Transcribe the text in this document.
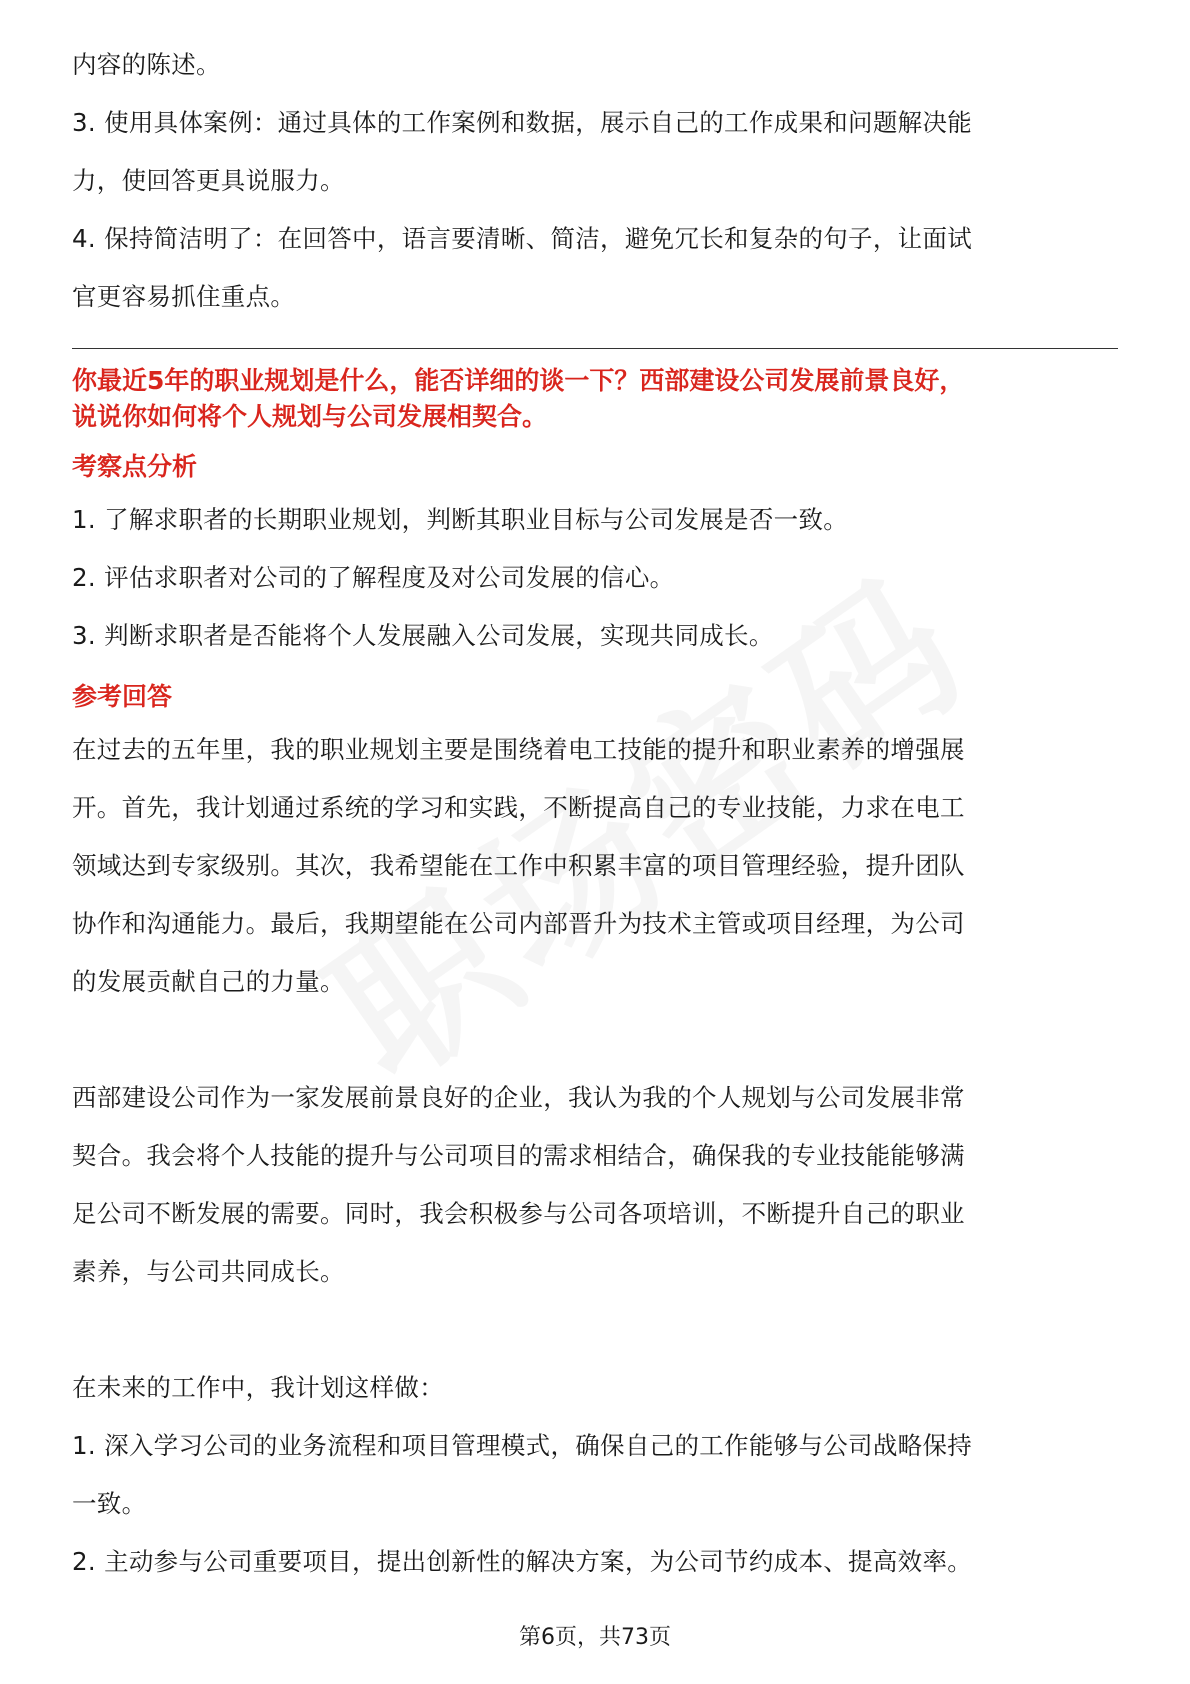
内容的陈述。

3. 使用具体案例：通过具体的工作案例和数据，展示自己的工作成果和问题解决能

力，使回答更具说服力。

4. 保持简洁明了：在回答中，语言要清晰、简洁，避免冗长和复杂的句子，让面试

官更容易抓住重点。

你最近5年的职业规划是什么，能否详细的谈一下？西部建设公司发展前景良好，
说说你如何将个人规划与公司发展相契合。
考察点分析

1. 了解求职者的长期职业规划，判断其职业目标与公司发展是否一致。

2. 评估求职者对公司的了解程度及对公司发展的信心。

3. 判断求职者是否能将个人发展融入公司发展，实现共同成长。

参考回答

在过去的五年里，我的职业规划主要是围绕着电工技能的提升和职业素养的增强展

开。首先，我计划通过系统的学习和实践，不断提高自己的专业技能，力求在电工

领域达到专家级别。其次，我希望能在工作中积累丰富的项目管理经验，提升团队

协作和沟通能力。最后，我期望能在公司内部晋升为技术主管或项目经理，为公司

的发展贡献自己的力量。

西部建设公司作为一家发展前景良好的企业，我认为我的个人规划与公司发展非常

契合。我会将个人技能的提升与公司项目的需求相结合，确保我的专业技能能够满

足公司不断发展的需要。同时，我会积极参与公司各项培训，不断提升自己的职业

素养，与公司共同成长。

在未来的工作中，我计划这样做：

1. 深入学习公司的业务流程和项目管理模式，确保自己的工作能够与公司战略保持

一致。

2. 主动参与公司重要项目，提出创新性的解决方案，为公司节约成本、提高效率。

第6页，共73页
